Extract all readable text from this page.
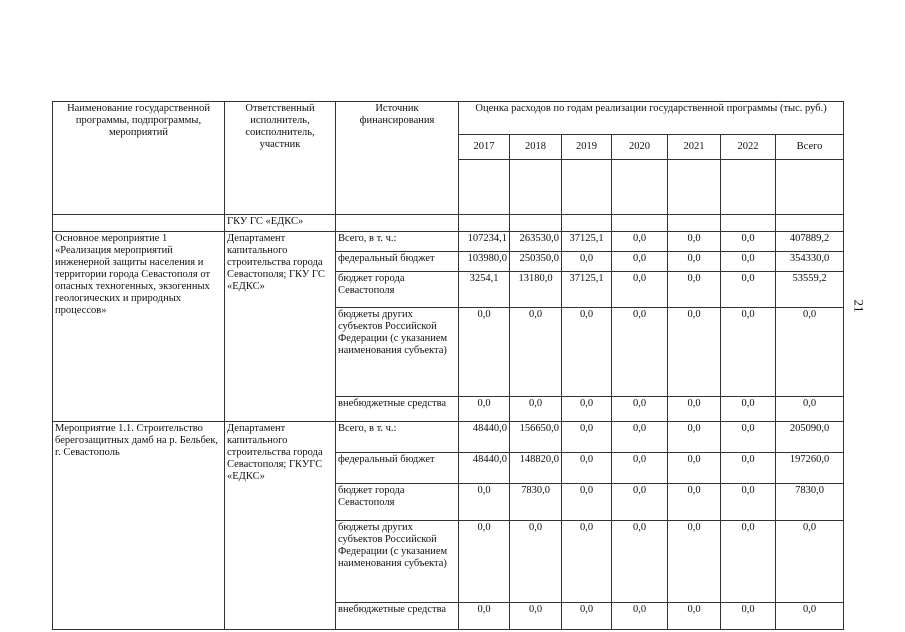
21
Наименование государственной программы, подпрограммы, мероприятий	Ответственный исполнитель, соисполнитель, участник	Источник финансирования	Оценка расходов по годам реализации государственной программы (тыс. руб.)						
			2017	2018	2019	2020	2021	2022	Всего

	ГКУ ГС «ЕДКС»								
Основное мероприятие 1 «Реализация мероприятий инженерной защиты населения и территории города Севастополя от опасных техногенных, экзогенных геологических и природных процессов»	Департамент капитального строительства города Севастополя; ГКУ ГС «ЕДКС»	Всего, в т. ч.:	107234,1	263530,0	37125,1	0,0	0,0	0,0	407889,2
		федеральный бюджет	103980,0	250350,0	0,0	0,0	0,0	0,0	354330,0
		бюджет города Севастополя	3254,1	13180,0	37125,1	0,0	0,0	0,0	53559,2
		бюджеты других субъектов Российской Федерации (с указанием наименования субъекта)	0,0	0,0	0,0	0,0	0,0	0,0	0,0
		внебюджетные средства	0,0	0,0	0,0	0,0	0,0	0,0	0,0
Мероприятие 1.1. Строительство берегозащитных дамб на р. Бельбек, г. Севастополь	Департамент капитального строительства города Севастополя; ГКУГС «ЕДКС»	Всего, в т. ч.:	48440,0	156650,0	0,0	0,0	0,0	0,0	205090,0
		федеральный бюджет	48440,0	148820,0	0,0	0,0	0,0	0,0	197260,0
		бюджет города Севастополя	0,0	7830,0	0,0	0,0	0,0	0,0	7830,0
		бюджеты других субъектов Российской Федерации (с указанием наименования субъекта)	0,0	0,0	0,0	0,0	0,0	0,0	0,0
		внебюджетные средства	0,0	0,0	0,0	0,0	0,0	0,0	0,0
